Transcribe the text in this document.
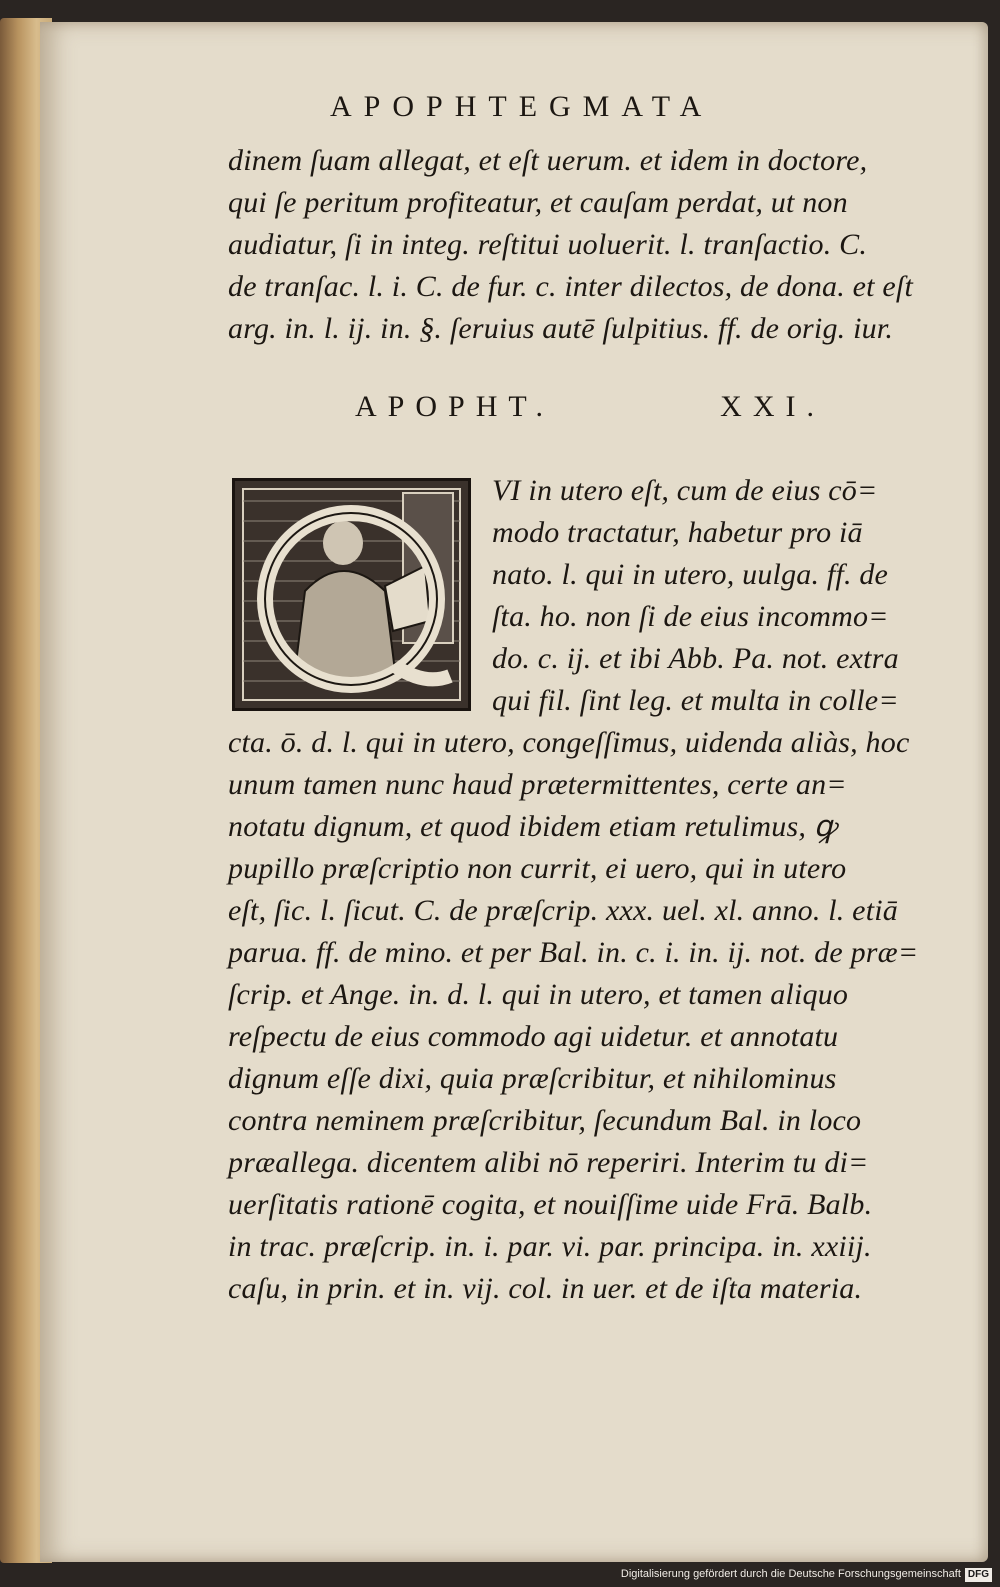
APOPHTEGMATA
dinem ſuam allegat, et eſt uerum. et idem in doctore,
qui ſe peritum profiteatur, et cauſam perdat, ut non
audiatur, ſi in integ. reſtitui uoluerit. l. tranſactio. C.
de tranſac. l. i. C. de fur. c. inter dilectos, de dona. et eſt
arg. in. l. ij. in. §. ſeruius autē ſulpitius. ff. de orig. iur.
APOPHT.	XXI.
VI in utero eſt, cum de eius cō=
modo tractatur, habetur pro iā
nato. l. qui in utero, uulga. ff. de
ſta. ho. non ſi de eius incommo=
do. c. ij. et ibi Abb. Pa. not. extra
qui fil. ſint leg. et multa in colle=
cta. ō. d. l. qui in utero, congeſſimus, uidenda aliàs, hoc
unum tamen nunc haud prætermittentes, certe an=
notatu dignum, et quod ibidem etiam retulimus, ꝙ
pupillo præſcriptio non currit, ei uero, qui in utero
eſt, ſic. l. ſicut. C. de præſcrip. xxx. uel. xl. anno. l. etiā
parua. ff. de mino. et per Bal. in. c. i. in. ij. not. de præ=
ſcrip. et Ange. in. d. l. qui in utero, et tamen aliquo
reſpectu de eius commodo agi uidetur. et annotatu
dignum eſſe dixi, quia præſcribitur, et nihilominus
contra neminem præſcribitur, ſecundum Bal. in loco
præallega. dicentem alibi nō reperiri. Interim tu di=
uerſitatis rationē cogita, et nouiſſime uide Frā. Balb.
in trac. præſcrip. in. i. par. vi. par. principa. in. xxiij.
caſu, in prin. et in. vij. col. in uer. et de iſta materia.
Digitalisierung gefördert durch die Deutsche Forschungsgemeinschaft DFG
